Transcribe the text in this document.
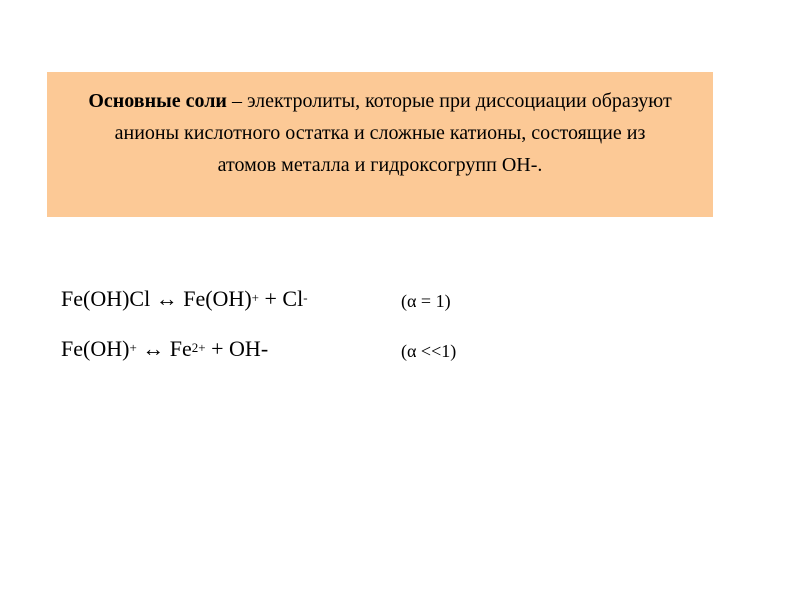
Основные соли – электролиты, которые при диссоциации образуют
анионы кислотного остатка и сложные катионы, состоящие из
атомов металла и гидроксогрупп OH-.
Fe(OH)Cl ↔ Fe(OH)+ + Cl-	(α = 1)
Fe(OH)+ ↔ $Fe^{2+} + OH-$	(α <<1)
